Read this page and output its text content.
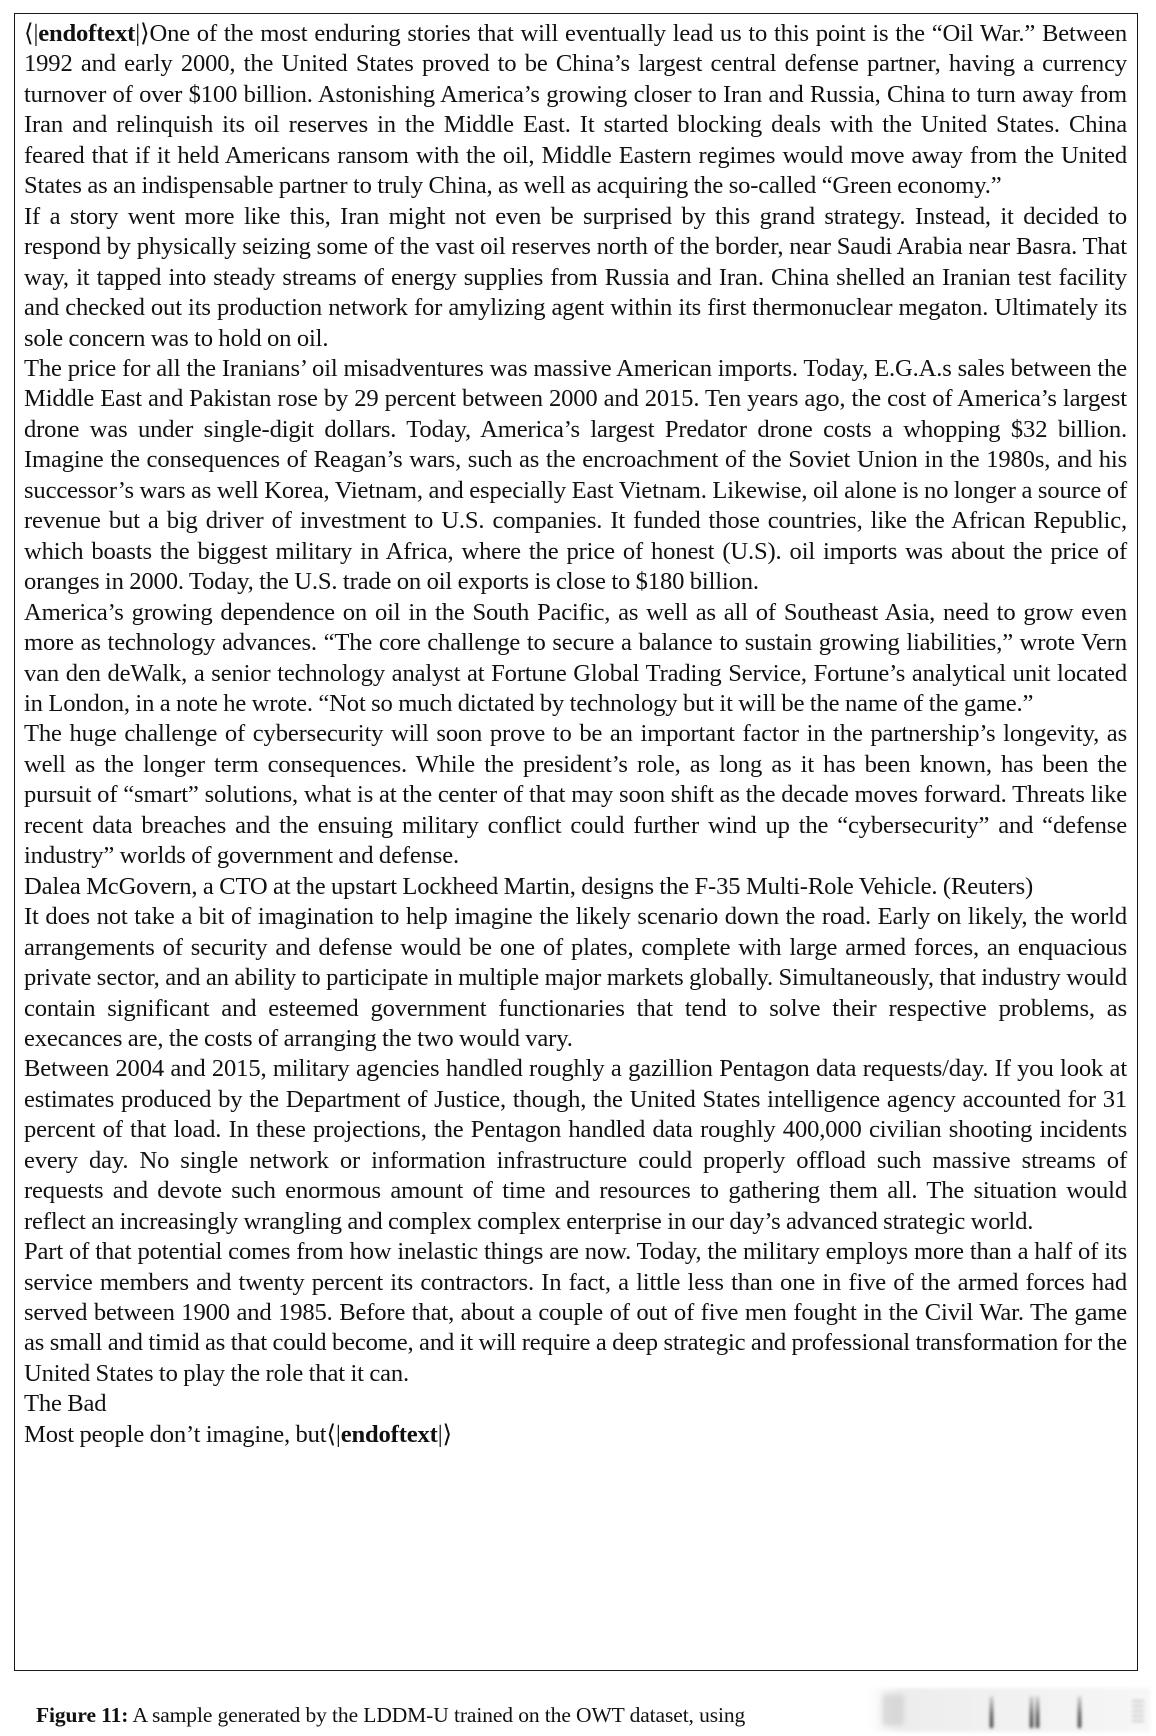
⟨|endoftext|⟩One of the most enduring stories that will eventually lead us to this point is the “Oil War.” Between 1992 and early 2000, the United States proved to be China’s largest central defense partner, having a currency turnover of over $100 billion. Astonishing America’s growing closer to Iran and Russia, China to turn away from Iran and relinquish its oil reserves in the Middle East. It started blocking deals with the United States. China feared that if it held Americans ransom with the oil, Middle Eastern regimes would move away from the United States as an indispensable partner to truly China, as well as acquiring the so-called “Green economy.”

If a story went more like this, Iran might not even be surprised by this grand strategy. Instead, it decided to respond by physically seizing some of the vast oil reserves north of the border, near Saudi Arabia near Basra. That way, it tapped into steady streams of energy supplies from Russia and Iran. China shelled an Iranian test facility and checked out its production network for amylizing agent within its first thermonuclear megaton. Ultimately its sole concern was to hold on oil.

The price for all the Iranians’ oil misadventures was massive American imports. Today, E.G.A.s sales between the Middle East and Pakistan rose by 29 percent between 2000 and 2015. Ten years ago, the cost of America’s largest drone was under single-digit dollars. Today, America’s largest Predator drone costs a whopping $32 billion. Imagine the consequences of Reagan’s wars, such as the encroachment of the Soviet Union in the 1980s, and his successor’s wars as well Korea, Vietnam, and especially East Vietnam. Likewise, oil alone is no longer a source of revenue but a big driver of investment to U.S. companies. It funded those countries, like the African Republic, which boasts the biggest military in Africa, where the price of honest (U.S). oil imports was about the price of oranges in 2000. Today, the U.S. trade on oil exports is close to $180 billion.

America’s growing dependence on oil in the South Pacific, as well as all of Southeast Asia, need to grow even more as technology advances. “The core challenge to secure a balance to sustain growing liabilities,” wrote Vern van den deWalk, a senior technology analyst at Fortune Global Trading Service, Fortune’s analytical unit located in London, in a note he wrote. “Not so much dictated by technology but it will be the name of the game.”

The huge challenge of cybersecurity will soon prove to be an important factor in the partnership’s longevity, as well as the longer term consequences. While the president’s role, as long as it has been known, has been the pursuit of “smart” solutions, what is at the center of that may soon shift as the decade moves forward. Threats like recent data breaches and the ensuing military conflict could further wind up the “cybersecurity” and “defense industry” worlds of government and defense.

Dalea McGovern, a CTO at the upstart Lockheed Martin, designs the F-35 Multi-Role Vehicle. (Reuters)

It does not take a bit of imagination to help imagine the likely scenario down the road. Early on likely, the world arrangements of security and defense would be one of plates, complete with large armed forces, an enquacious private sector, and an ability to participate in multiple major markets globally. Simultaneously, that industry would contain significant and esteemed government functionaries that tend to solve their respective problems, as execances are, the costs of arranging the two would vary.

Between 2004 and 2015, military agencies handled roughly a gazillion Pentagon data requests/day. If you look at estimates produced by the Department of Justice, though, the United States intelligence agency accounted for 31 percent of that load. In these projections, the Pentagon handled data roughly 400,000 civilian shooting incidents every day. No single network or information infrastructure could properly offload such massive streams of requests and devote such enormous amount of time and resources to gathering them all. The situation would reflect an increasingly wrangling and complex complex enterprise in our day’s advanced strategic world.

Part of that potential comes from how inelastic things are now. Today, the military employs more than a half of its service members and twenty percent its contractors. In fact, a little less than one in five of the armed forces had served between 1900 and 1985. Before that, about a couple of out of five men fought in the Civil War. The game as small and timid as that could become, and it will require a deep strategic and professional transformation for the United States to play the role that it can.

The Bad

Most people don’t imagine, but⟨|endoftext|⟩

Figure 11: A sample generated by the LDDM-U trained on the OWT dataset, using
